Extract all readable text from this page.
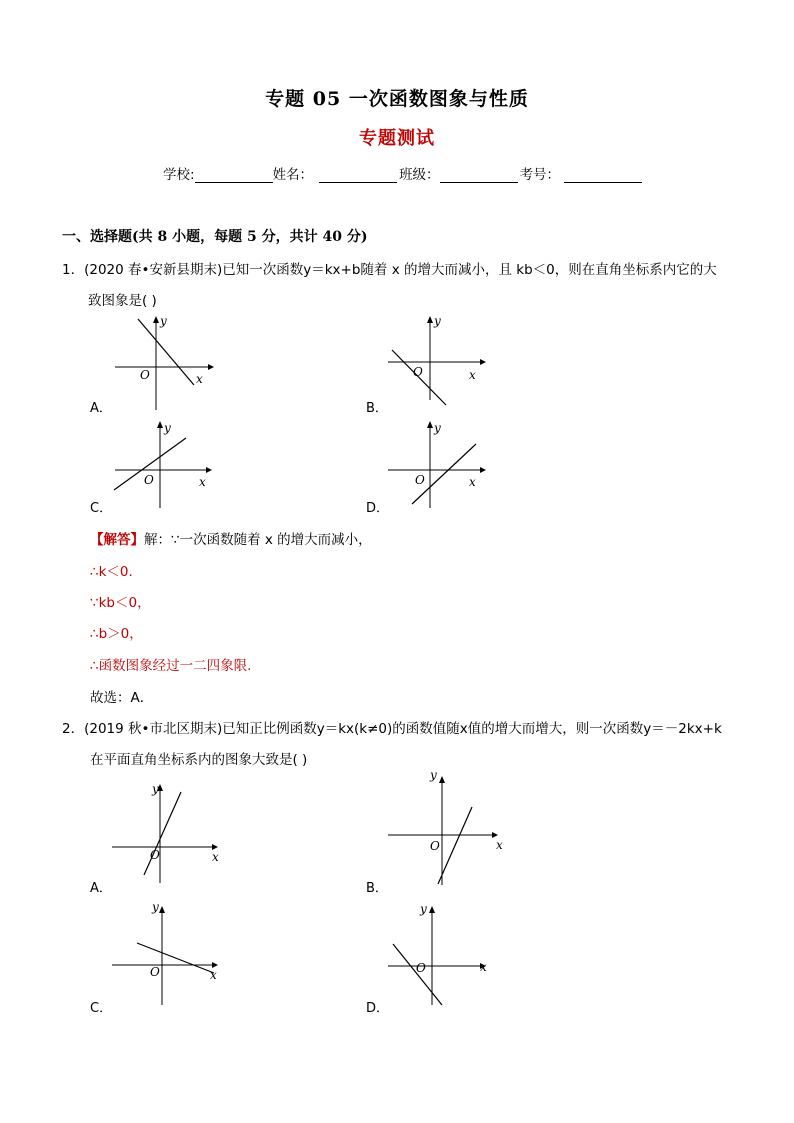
专题 05 一次函数图象与性质
专题测试
学校:	姓名：	班级：	考号：
一、选择题(共 8 小题，每题 5 分，共计 40 分)
1．(2020 春•安新县期末)已知一次函数y＝kx+b随着 x 的增大而减小，且 kb＜0，则在直角坐标系内它的大
致图象是( )
y
O	x
A．
y
O	x
B．
y
O	x
C．
y
O	x
D．
【解答】解：∵一次函数随着 x 的增大而减小，
∴k＜0.
∵kb＜0，
∴b＞0，
∴函数图象经过一二四象限.
故选：A．
2．(2019 秋•市北区期末)已知正比例函数y＝kx(k≠0)的函数值随x值的增大而增大，则一次函数y＝－2kx+k
在平面直角坐标系内的图象大致是( )
y
O	x
A．
y
O	x
B．
y
O	x
C．
y
O	x
D．
